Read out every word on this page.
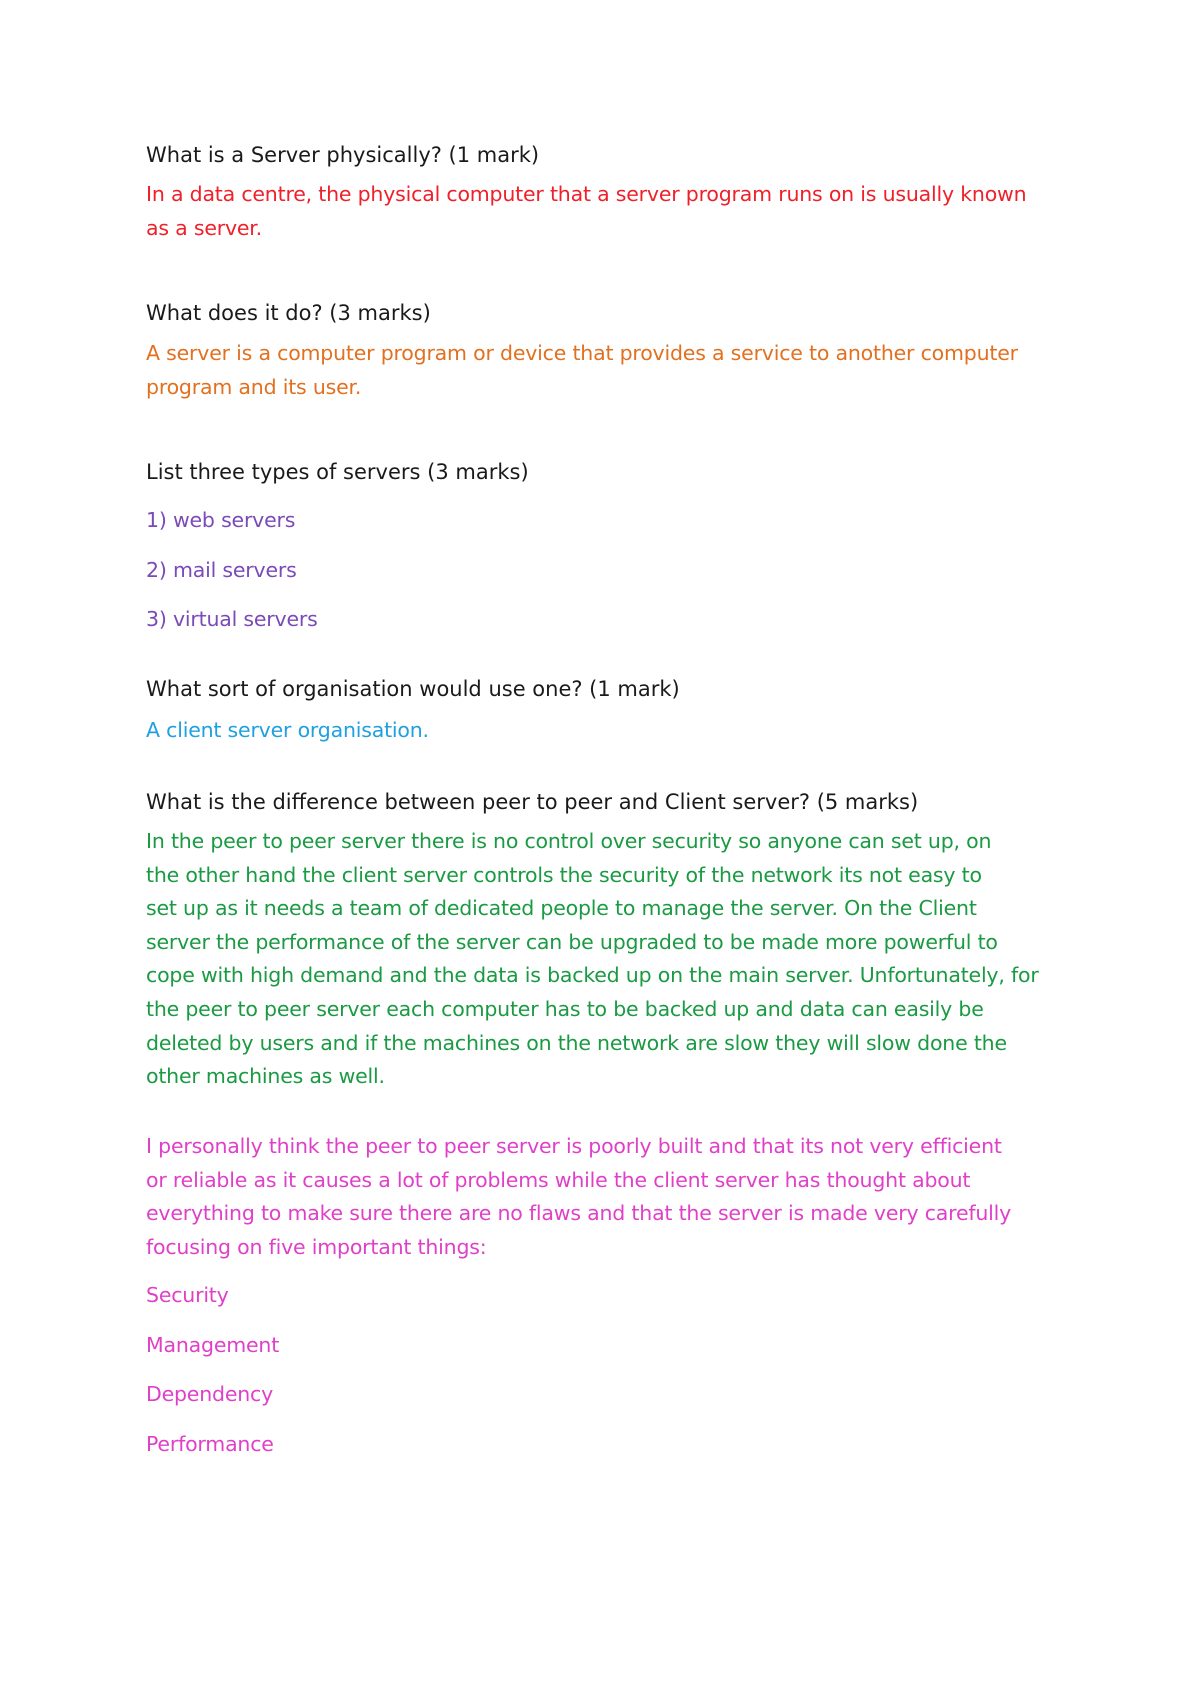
What is a Server physically? (1 mark)

In a data centre, the physical computer that a server program runs on is usually known
as a server.

What does it do? (3 marks)

A server is a computer program or device that provides a service to another computer
program and its user.

List three types of servers (3 marks)

1) web servers
2) mail servers
3) virtual servers

What sort of organisation would use one? (1 mark)

A client server organisation.

What is the difference between peer to peer and Client server? (5 marks)

In the peer to peer server there is no control over security so anyone can set up, on
the other hand the client server controls the security of the network its not easy to
set up as it needs a team of dedicated people to manage the server. On the Client
server the performance of the server can be upgraded to be made more powerful to
cope with high demand and the data is backed up on the main server. Unfortunately, for
the peer to peer server each computer has to be backed up and data can easily be
deleted by users and if the machines on the network are slow they will slow done the
other machines as well.

I personally think the peer to peer server is poorly built and that its not very efficient
or reliable as it causes a lot of problems while the client server has thought about
everything to make sure there are no flaws and that the server is made very carefully
focusing on five important things:

Security
Management
Dependency
Performance
